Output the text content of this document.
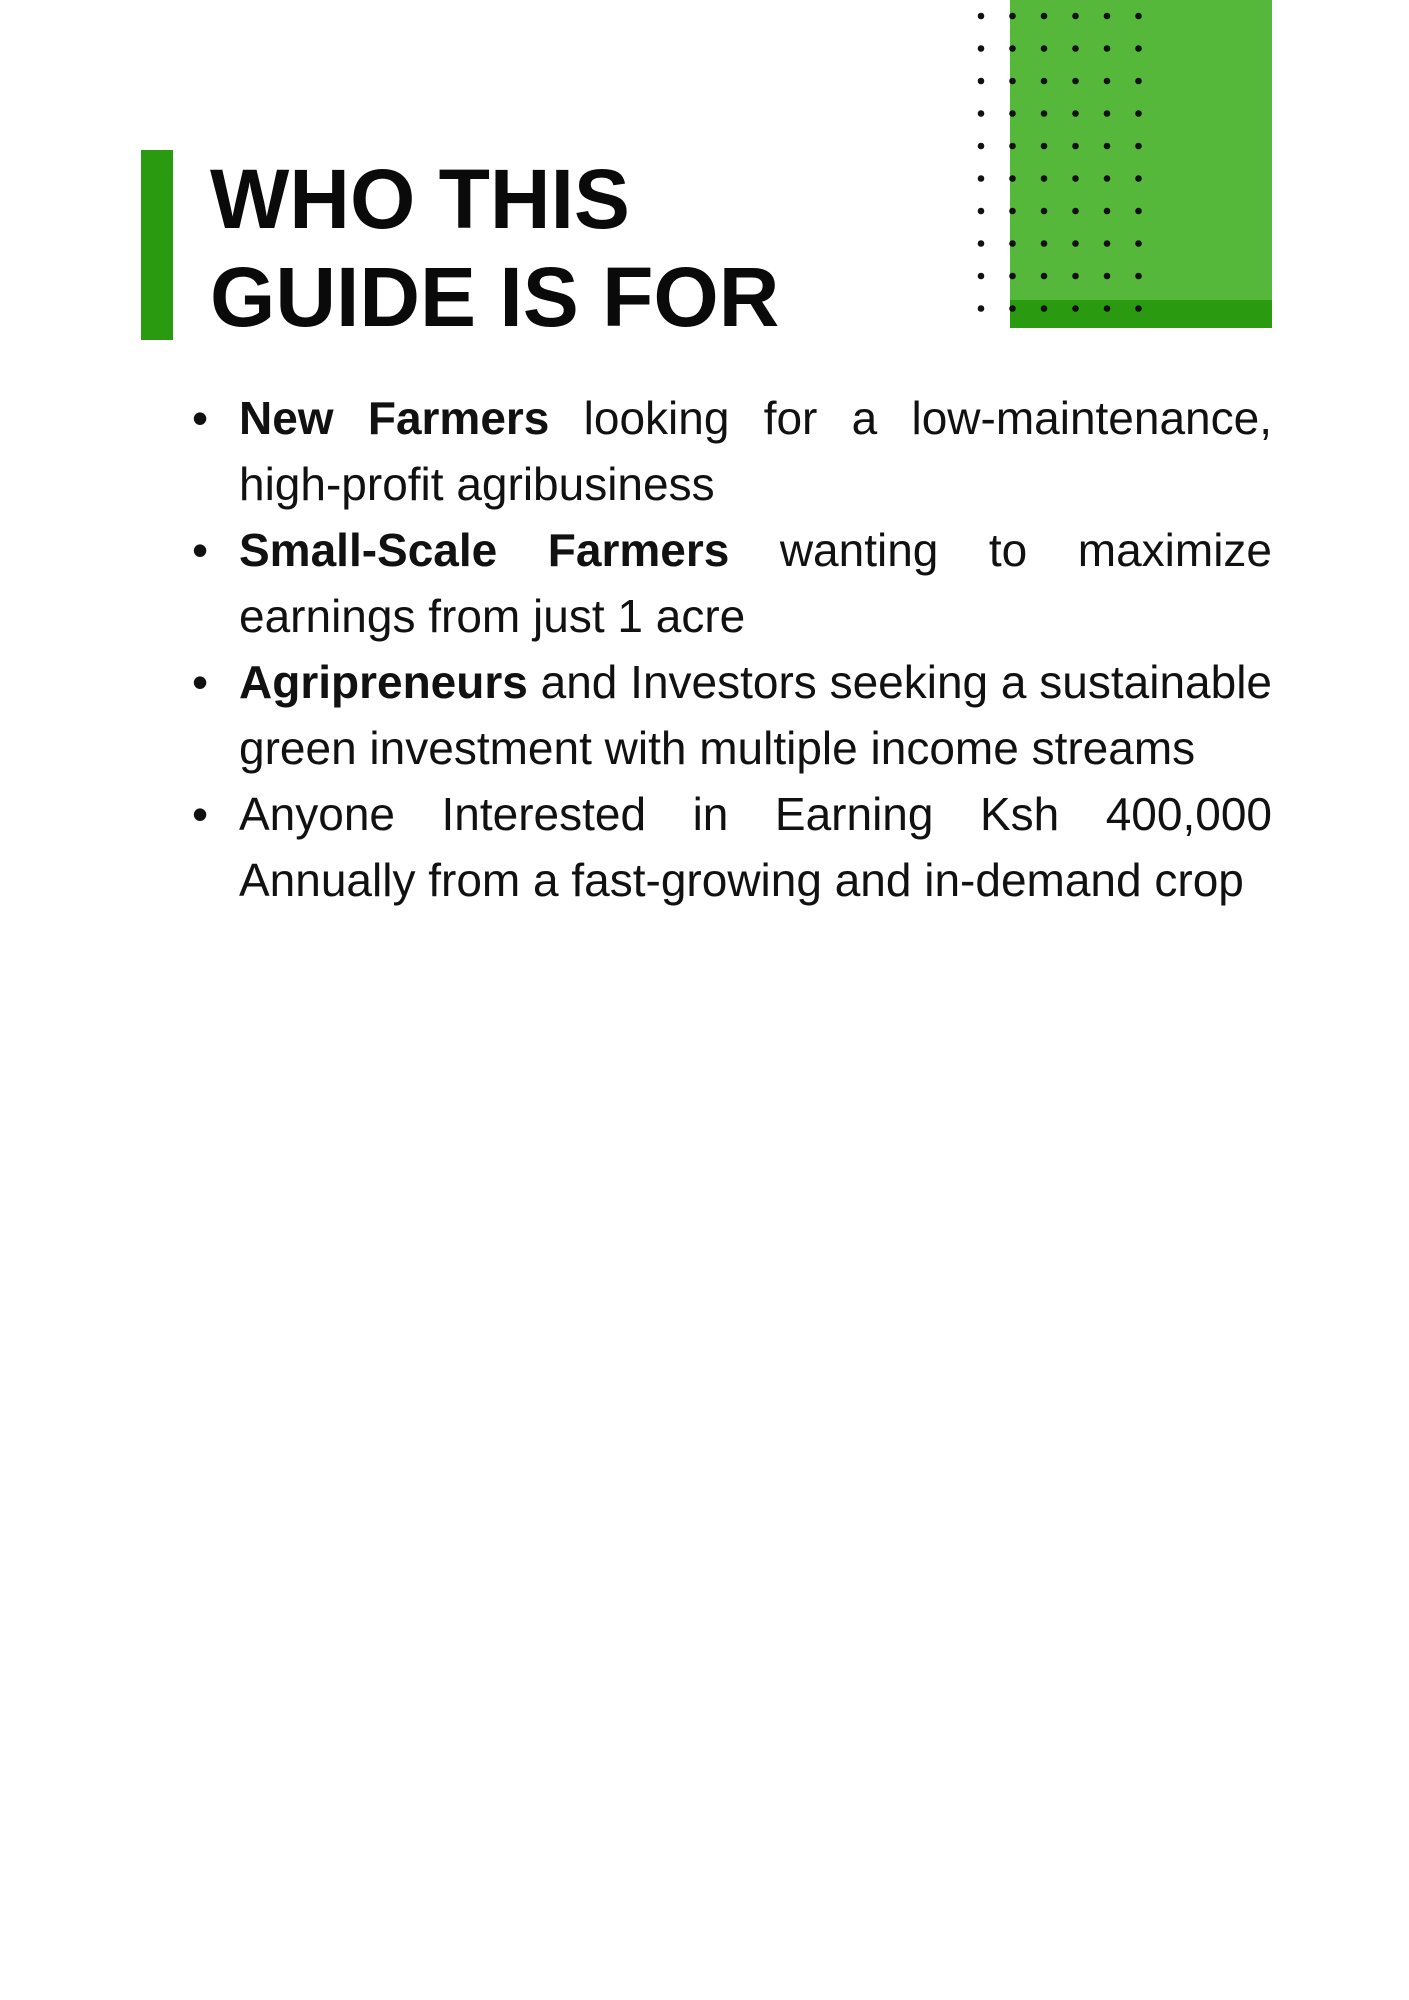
WHO THIS
GUIDE IS FOR
• New Farmers looking for a low-maintenance, high-profit agribusiness
• Small-Scale Farmers wanting to maximize earnings from just 1 acre
• Agripreneurs and Investors seeking a sustainable green investment with multiple income streams
• Anyone Interested in Earning Ksh 400,000 Annually from a fast-growing and in-demand crop
